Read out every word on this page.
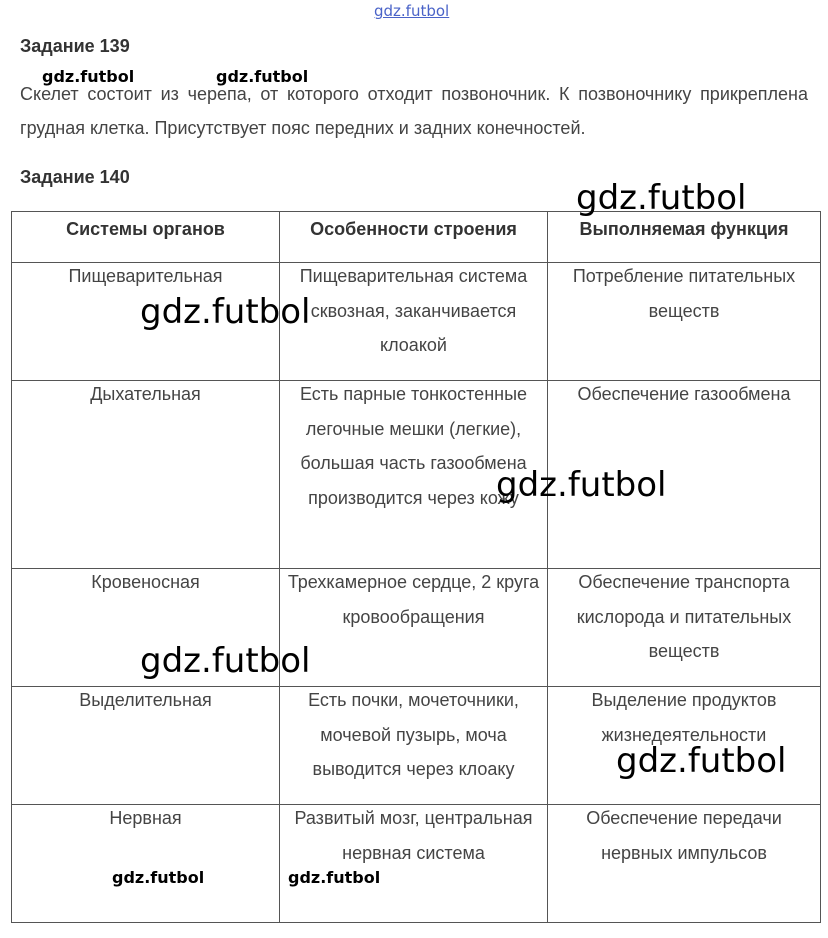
gdz.futbol
Задание 139
gdz.futbol	gdz.futbol
Скелет состоит из черепа, от которого отходит позвоночник. К позвоночнику прикреплена грудная клетка. Присутствует пояс передних и задних конечностей.
Задание 140
Системы органов	Особенности строения	Выполняемая функция

Пищеварительная	Пищеварительная система сквозная, заканчивается клоакой	Потребление питательных веществ

Дыхательная	Есть парные тонкостенные легочные мешки (легкие), большая часть газообмена производится через кожу	Обеспечение газообмена

Кровеносная	Трехкамерное сердце, 2 круга кровообращения	Обеспечение транспорта кислорода и питательных веществ

Выделительная	Есть почки, мочеточники, мочевой пузырь, моча выводится через клоаку	Выделение продуктов жизнедеятельности

Нервная	Развитый мозг, центральная нервная система	Обеспечение передачи нервных импульсов
gdz.futbol
gdz.futbol
gdz.futbol
gdz.futbol
gdz.futbol
gdz.futbol	gdz.futbol
